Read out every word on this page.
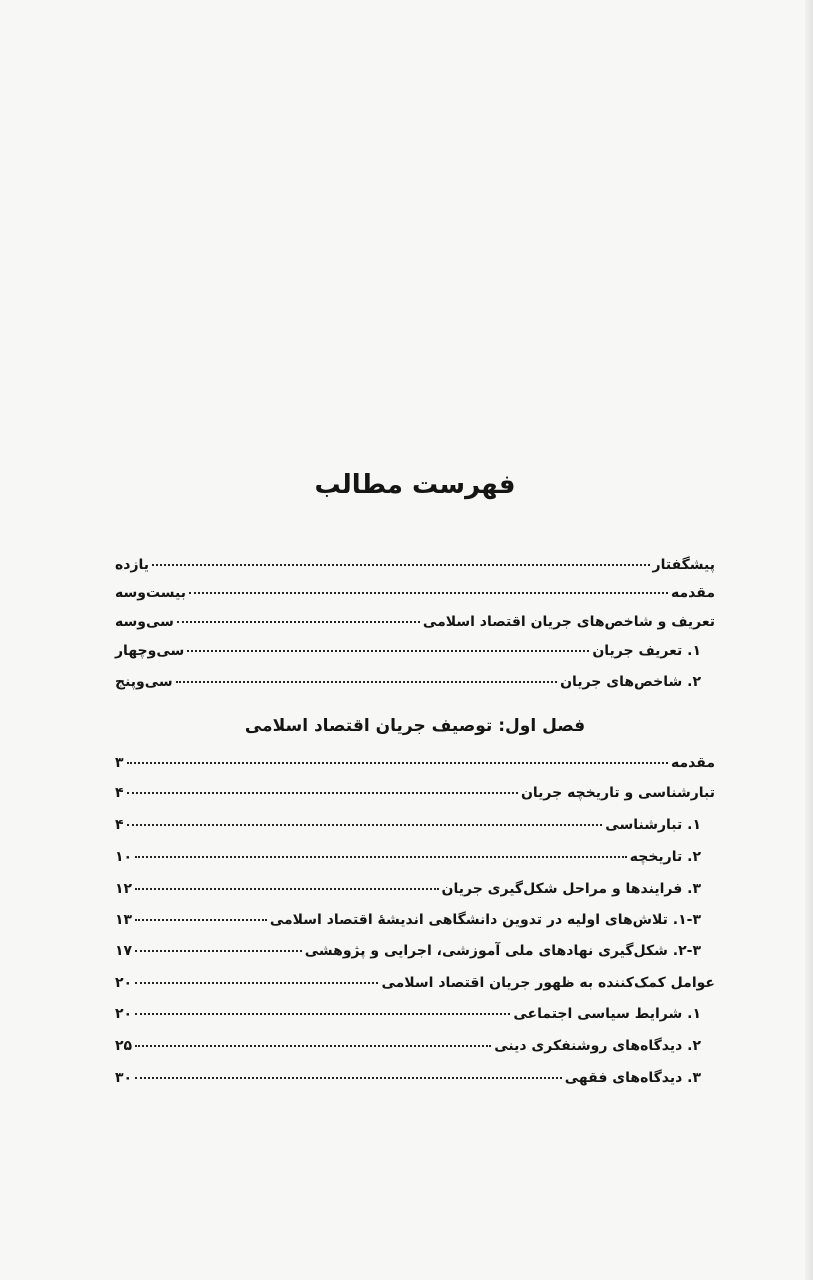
فهرست مطالب
پیشگفتار
یازده
مقدمه
بیست‌وسه
تعریف و شاخص‌های جریان اقتصاد اسلامی
سی‌وسه
۱. تعریف جریان
سی‌وچهار
۲. شاخص‌های جریان
سی‌وپنج
فصل اول: توصیف جریان اقتصاد اسلامی
مقدمه
۳
تبارشناسی و تاریخچه جریان
۴
۱. تبارشناسی
۴
۲. تاریخچه
۱۰
۳. فرایندها و مراحل شکل‌گیری جریان
۱۲
۱-۳. تلاش‌های اولیه در تدوین دانشگاهی اندیشهٔ اقتصاد اسلامی
۱۳
۲-۳. شکل‌گیری نهادهای ملی آموزشی، اجرایی و پژوهشی
۱۷
عوامل کمک‌کننده به ظهور جریان اقتصاد اسلامی
۲۰
۱. شرایط سیاسی اجتماعی
۲۰
۲. دیدگاه‌های روشنفکری دینی
۲۵
۳. دیدگاه‌های فقهی
۳۰
